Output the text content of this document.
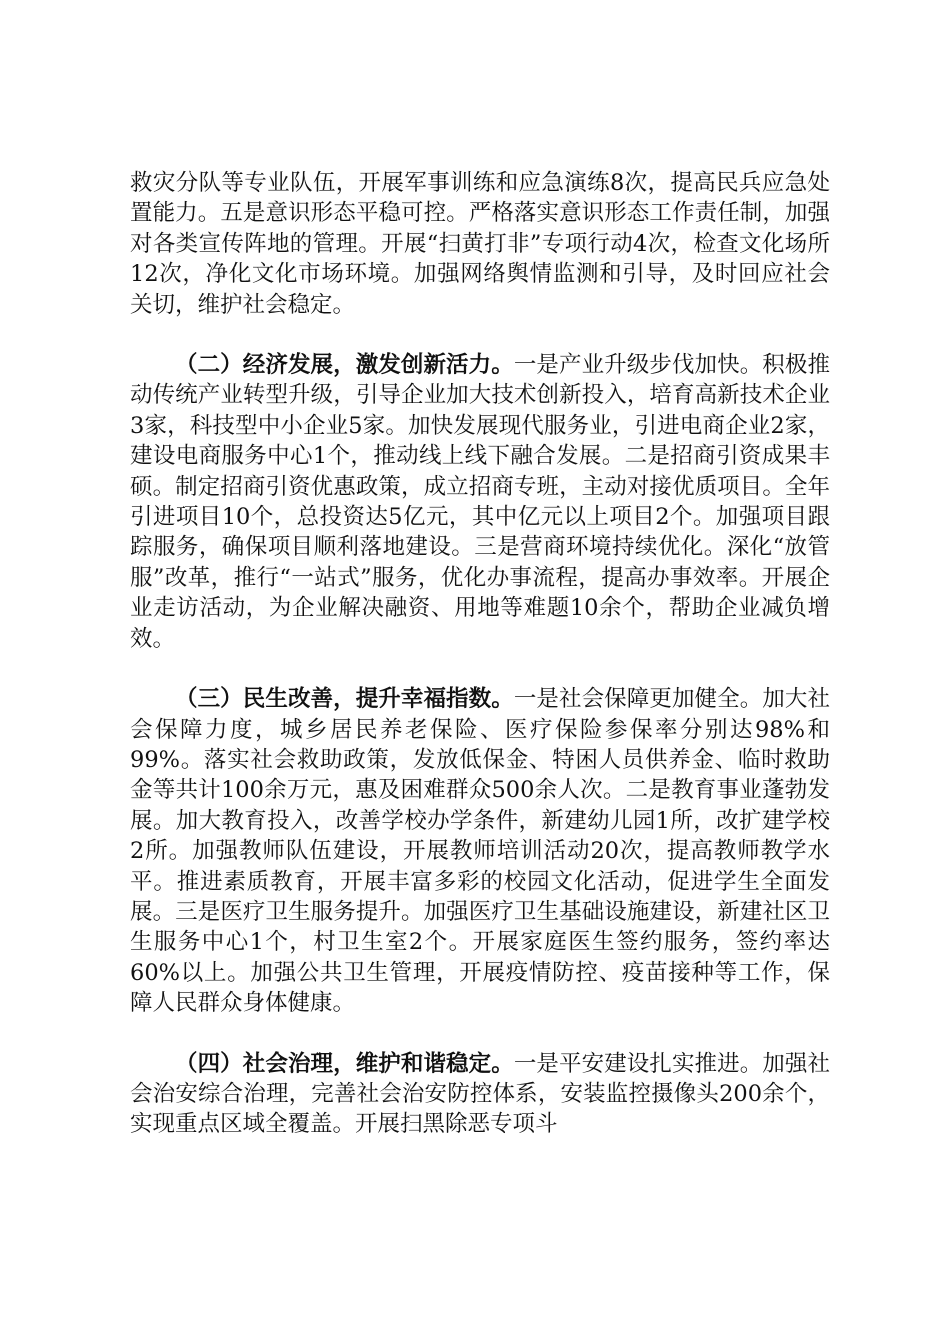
救灾分队等专业队伍，开展军事训练和应急演练8次，提高民兵应急处置能力。五是意识形态平稳可控。严格落实意识形态工作责任制，加强对各类宣传阵地的管理。开展“扫黄打非”专项行动4次，检查文化场所12次，净化文化市场环境。加强网络舆情监测和引导，及时回应社会关切，维护社会稳定。

（二）经济发展，激发创新活力。一是产业升级步伐加快。积极推动传统产业转型升级，引导企业加大技术创新投入，培育高新技术企业3家，科技型中小企业5家。加快发展现代服务业，引进电商企业2家，建设电商服务中心1个，推动线上线下融合发展。二是招商引资成果丰硕。制定招商引资优惠政策，成立招商专班，主动对接优质项目。全年引进项目10个，总投资达5亿元，其中亿元以上项目2个。加强项目跟踪服务，确保项目顺利落地建设。三是营商环境持续优化。深化“放管服”改革，推行“一站式”服务，优化办事流程，提高办事效率。开展企业走访活动，为企业解决融资、用地等难题10余个，帮助企业减负增效。

（三）民生改善，提升幸福指数。一是社会保障更加健全。加大社会保障力度，城乡居民养老保险、医疗保险参保率分别达98%和99%。落实社会救助政策，发放低保金、特困人员供养金、临时救助金等共计100余万元，惠及困难群众500余人次。二是教育事业蓬勃发展。加大教育投入，改善学校办学条件，新建幼儿园1所，改扩建学校2所。加强教师队伍建设，开展教师培训活动20次，提高教师教学水平。推进素质教育，开展丰富多彩的校园文化活动，促进学生全面发展。三是医疗卫生服务提升。加强医疗卫生基础设施建设，新建社区卫生服务中心1个，村卫生室2个。开展家庭医生签约服务，签约率达60%以上。加强公共卫生管理，开展疫情防控、疫苗接种等工作，保障人民群众身体健康。

（四）社会治理，维护和谐稳定。一是平安建设扎实推进。加强社会治安综合治理，完善社会治安防控体系，安装监控摄像头200余个，实现重点区域全覆盖。开展扫黑除恶专项斗
